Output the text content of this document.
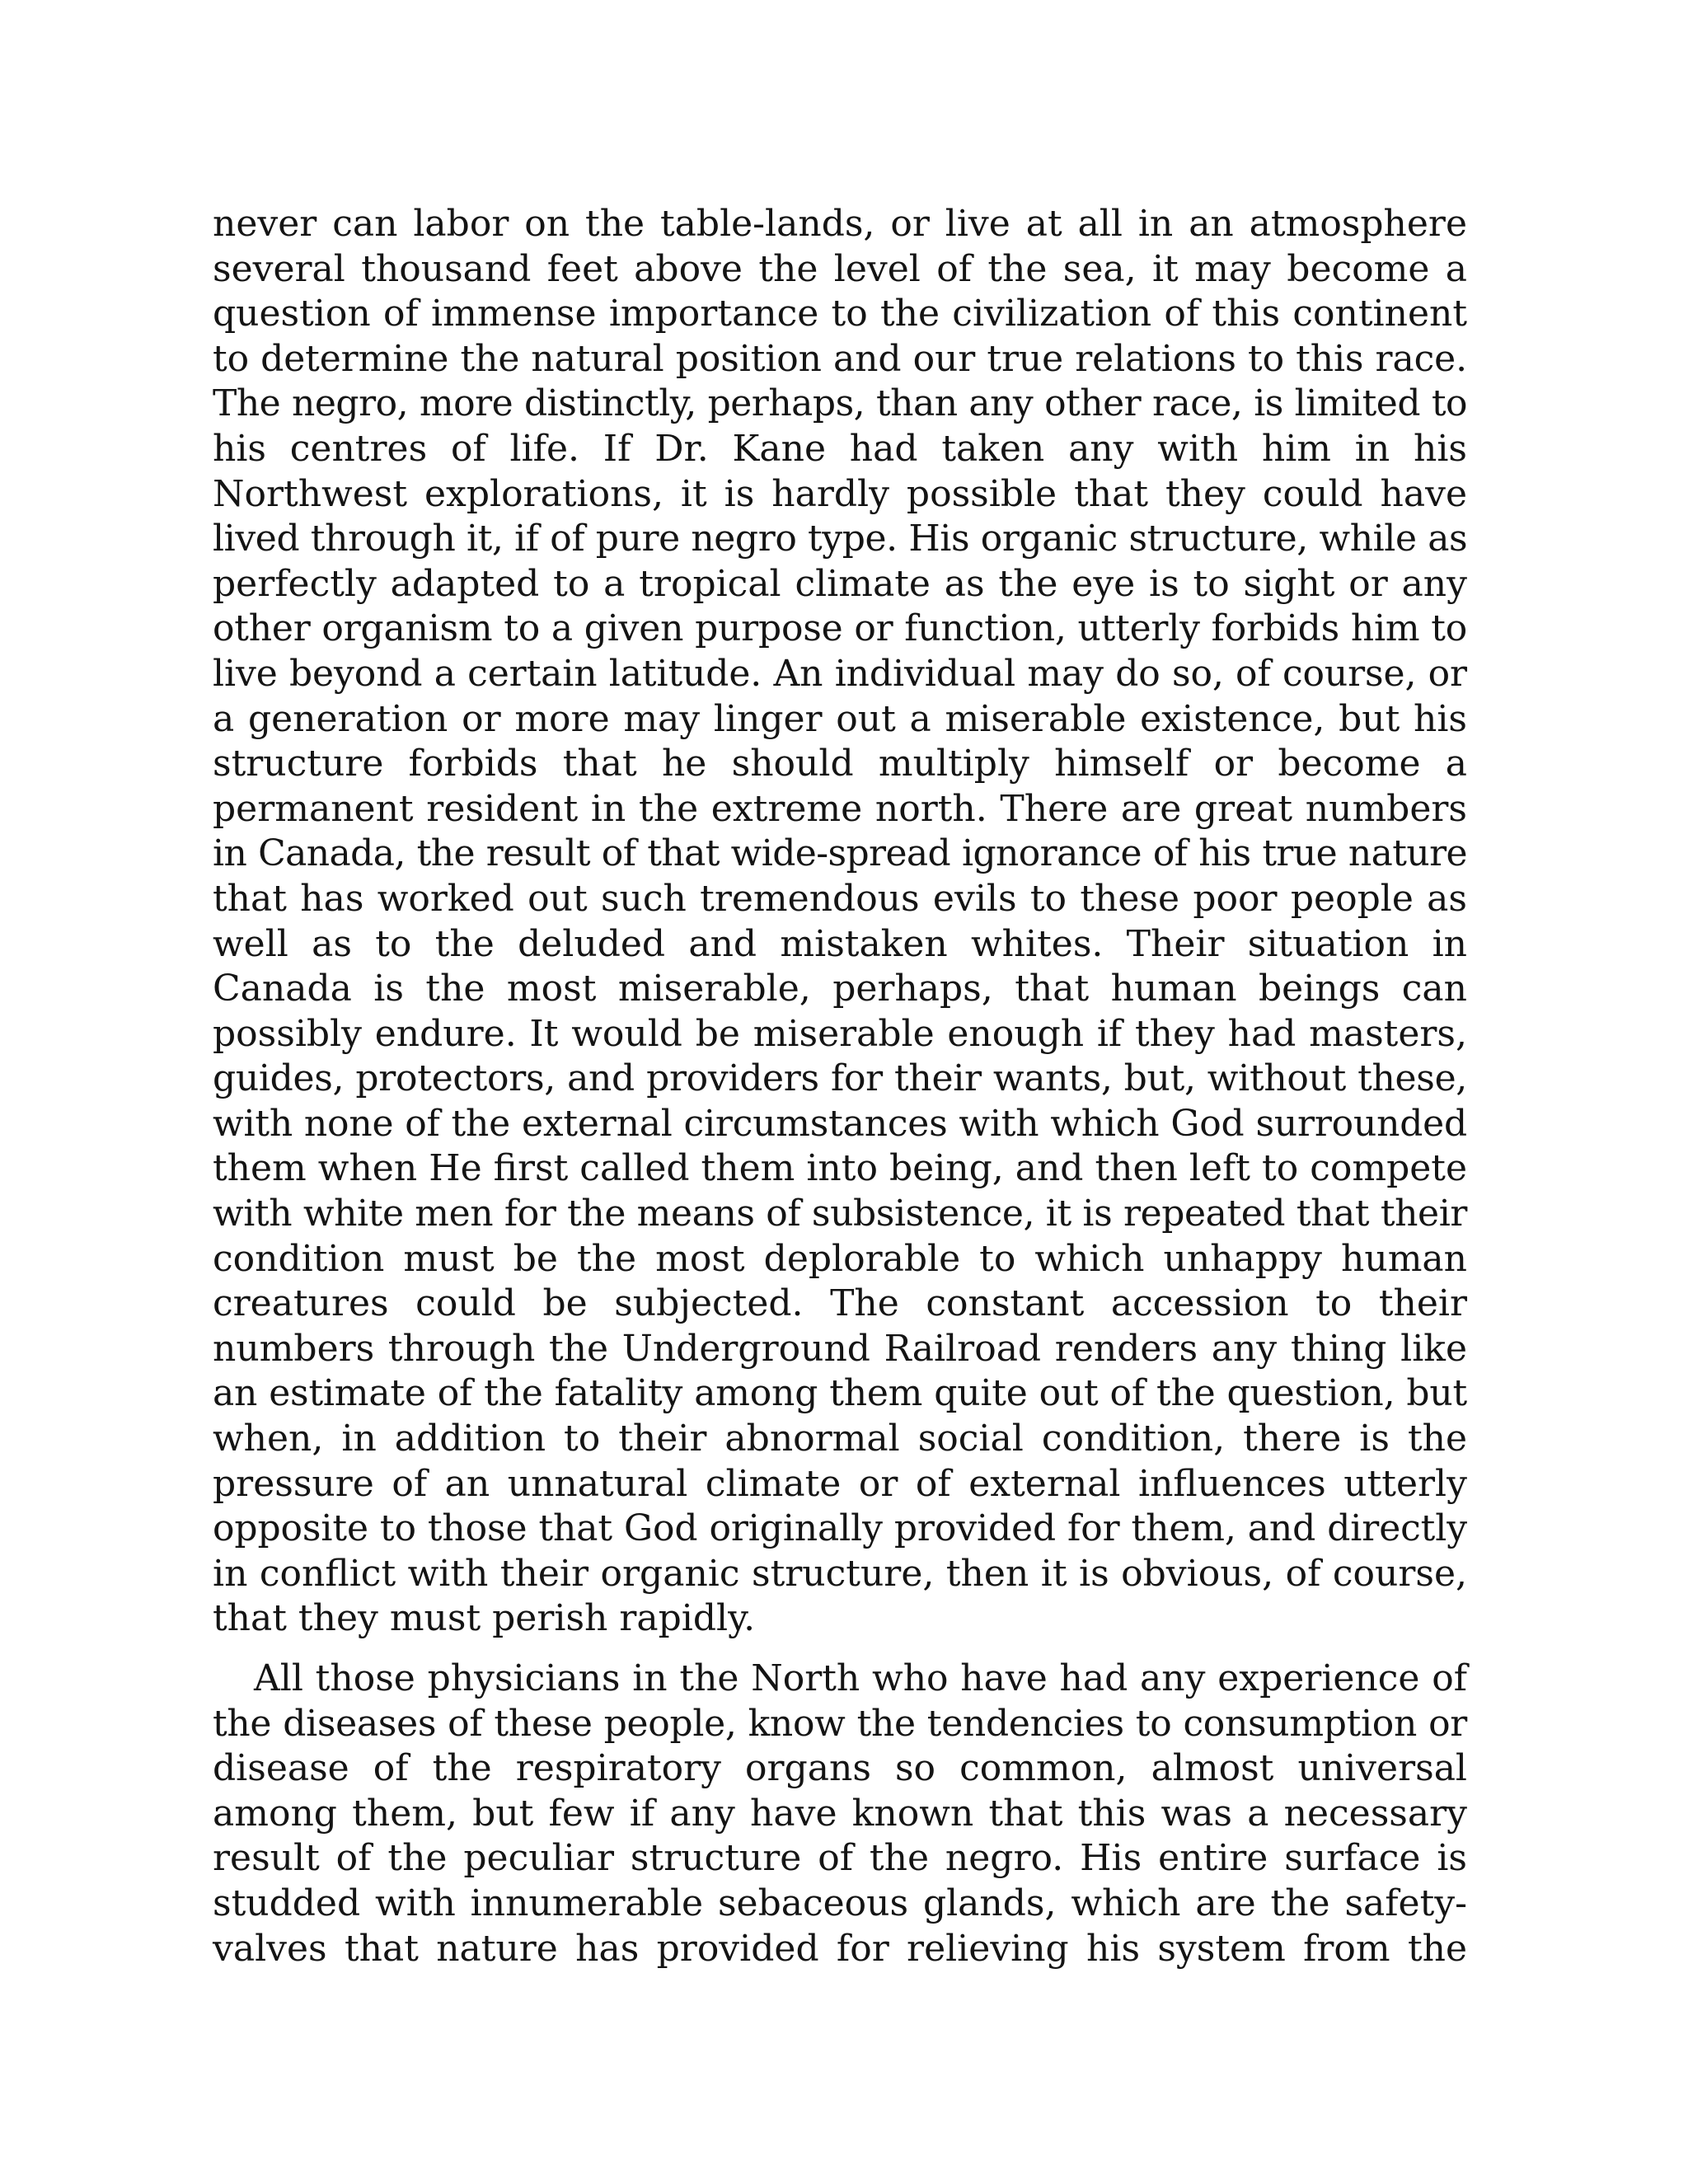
never can labor on the table-lands, or live at all in an atmosphere
several thousand feet above the level of the sea, it may become a
question of immense importance to the civilization of this continent
to determine the natural position and our true relations to this race.
The negro, more distinctly, perhaps, than any other race, is limited to
his centres of life. If Dr. Kane had taken any with him in his
Northwest explorations, it is hardly possible that they could have
lived through it, if of pure negro type. His organic structure, while as
perfectly adapted to a tropical climate as the eye is to sight or any
other organism to a given purpose or function, utterly forbids him to
live beyond a certain latitude. An individual may do so, of course, or
a generation or more may linger out a miserable existence, but his
structure forbids that he should multiply himself or become a
permanent resident in the extreme north. There are great numbers
in Canada, the result of that wide-spread ignorance of his true nature
that has worked out such tremendous evils to these poor people as
well as to the deluded and mistaken whites. Their situation in
Canada is the most miserable, perhaps, that human beings can
possibly endure. It would be miserable enough if they had masters,
guides, protectors, and providers for their wants, but, without these,
with none of the external circumstances with which God surrounded
them when He first called them into being, and then left to compete
with white men for the means of subsistence, it is repeated that their
condition must be the most deplorable to which unhappy human
creatures could be subjected. The constant accession to their
numbers through the Underground Railroad renders any thing like
an estimate of the fatality among them quite out of the question, but
when, in addition to their abnormal social condition, there is the
pressure of an unnatural climate or of external influences utterly
opposite to those that God originally provided for them, and directly
in conflict with their organic structure, then it is obvious, of course,
that they must perish rapidly.

All those physicians in the North who have had any experience of
the diseases of these people, know the tendencies to consumption or
disease of the respiratory organs so common, almost universal
among them, but few if any have known that this was a necessary
result of the peculiar structure of the negro. His entire surface is
studded with innumerable sebaceous glands, which are the safety-
valves that nature has provided for relieving his system from the
